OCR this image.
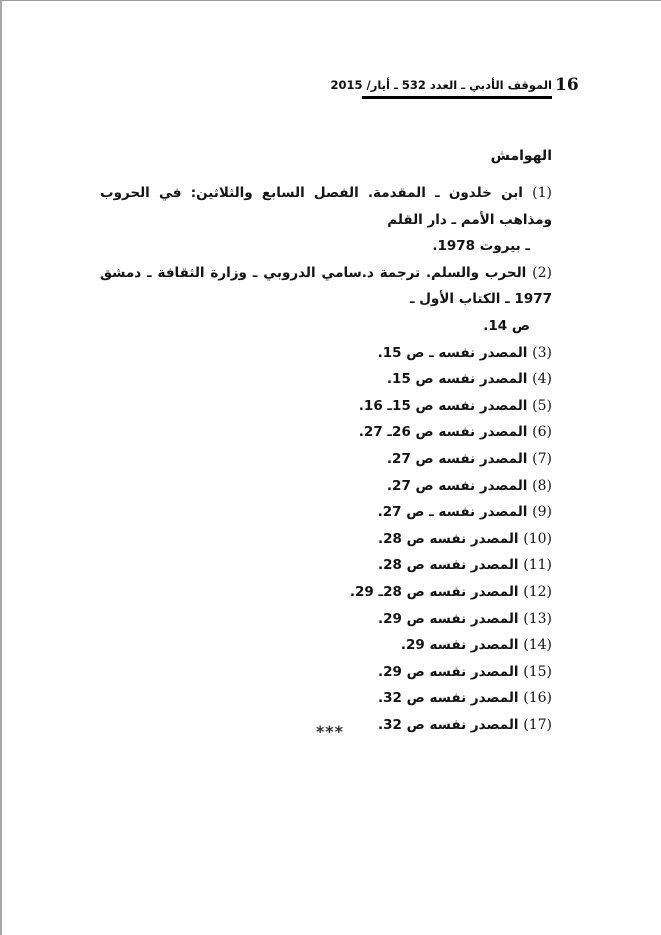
الموقف الأدبي ـ العدد 532 ـ أيار/ 2015 16
الهوامش
(1) ابن خلدون ـ المقدمة. الفصل السابع والثلاثين: في الحروب ومذاهب الأمم ـ دار القلم
ـ بيروت 1978.
(2) الحرب والسلم. ترجمة د.سامي الدروبي ـ وزارة الثقافة ـ دمشق 1977 ـ الكتاب الأول ـ
ص 14.
(3) المصدر نفسه ـ ص 15.
(4) المصدر نفسه ص 15.
(5) المصدر نفسه ص 15ـ 16.
(6) المصدر نفسه ص 26ـ 27.
(7) المصدر نفسه ص 27.
(8) المصدر نفسه ص 27.
(9) المصدر نفسه ـ ص 27.
(10) المصدر نفسه ص 28.
(11) المصدر نفسه ص 28.
(12) المصدر نفسه ص 28ـ 29.
(13) المصدر نفسه ص 29.
(14) المصدر نفسه 29.
(15) المصدر نفسه ص 29.
(16) المصدر نفسه ص 32.
(17) المصدر نفسه ص 32.
***
